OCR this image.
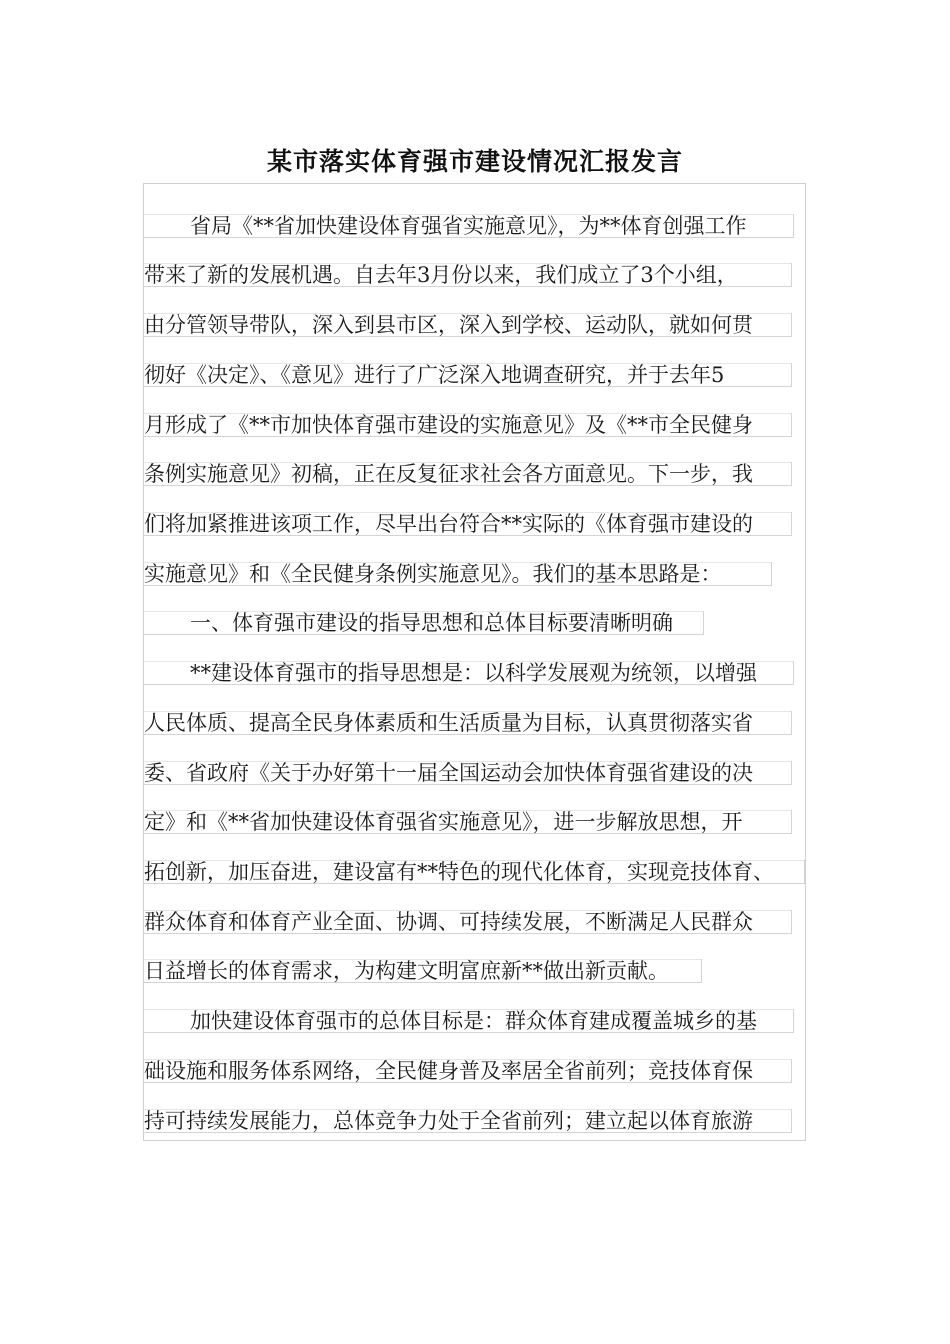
某市落实体育强市建设情况汇报发言
省局《**省加快建设体育强省实施意见》，为**体育创强工作
带来了新的发展机遇。自去年3月份以来，我们成立了3个小组，
由分管领导带队，深入到县市区，深入到学校、运动队，就如何贯
彻好《决定》、《意见》进行了广泛深入地调查研究，并于去年5
月形成了《**市加快体育强市建设的实施意见》及《**市全民健身
条例实施意见》初稿，正在反复征求社会各方面意见。下一步，我
们将加紧推进该项工作，尽早出台符合**实际的《体育强市建设的
实施意见》和《全民健身条例实施意见》。我们的基本思路是：
一、体育强市建设的指导思想和总体目标要清晰明确
**建设体育强市的指导思想是：以科学发展观为统领，以增强
人民体质、提高全民身体素质和生活质量为目标，认真贯彻落实省
委、省政府《关于办好第十一届全国运动会加快体育强省建设的决
定》和《**省加快建设体育强省实施意见》，进一步解放思想，开
拓创新，加压奋进，建设富有**特色的现代化体育，实现竞技体育、
群众体育和体育产业全面、协调、可持续发展，不断满足人民群众
日益增长的体育需求，为构建文明富庶新**做出新贡献。
加快建设体育强市的总体目标是：群众体育建成覆盖城乡的基
础设施和服务体系网络，全民健身普及率居全省前列；竞技体育保
持可持续发展能力，总体竞争力处于全省前列；建立起以体育旅游
